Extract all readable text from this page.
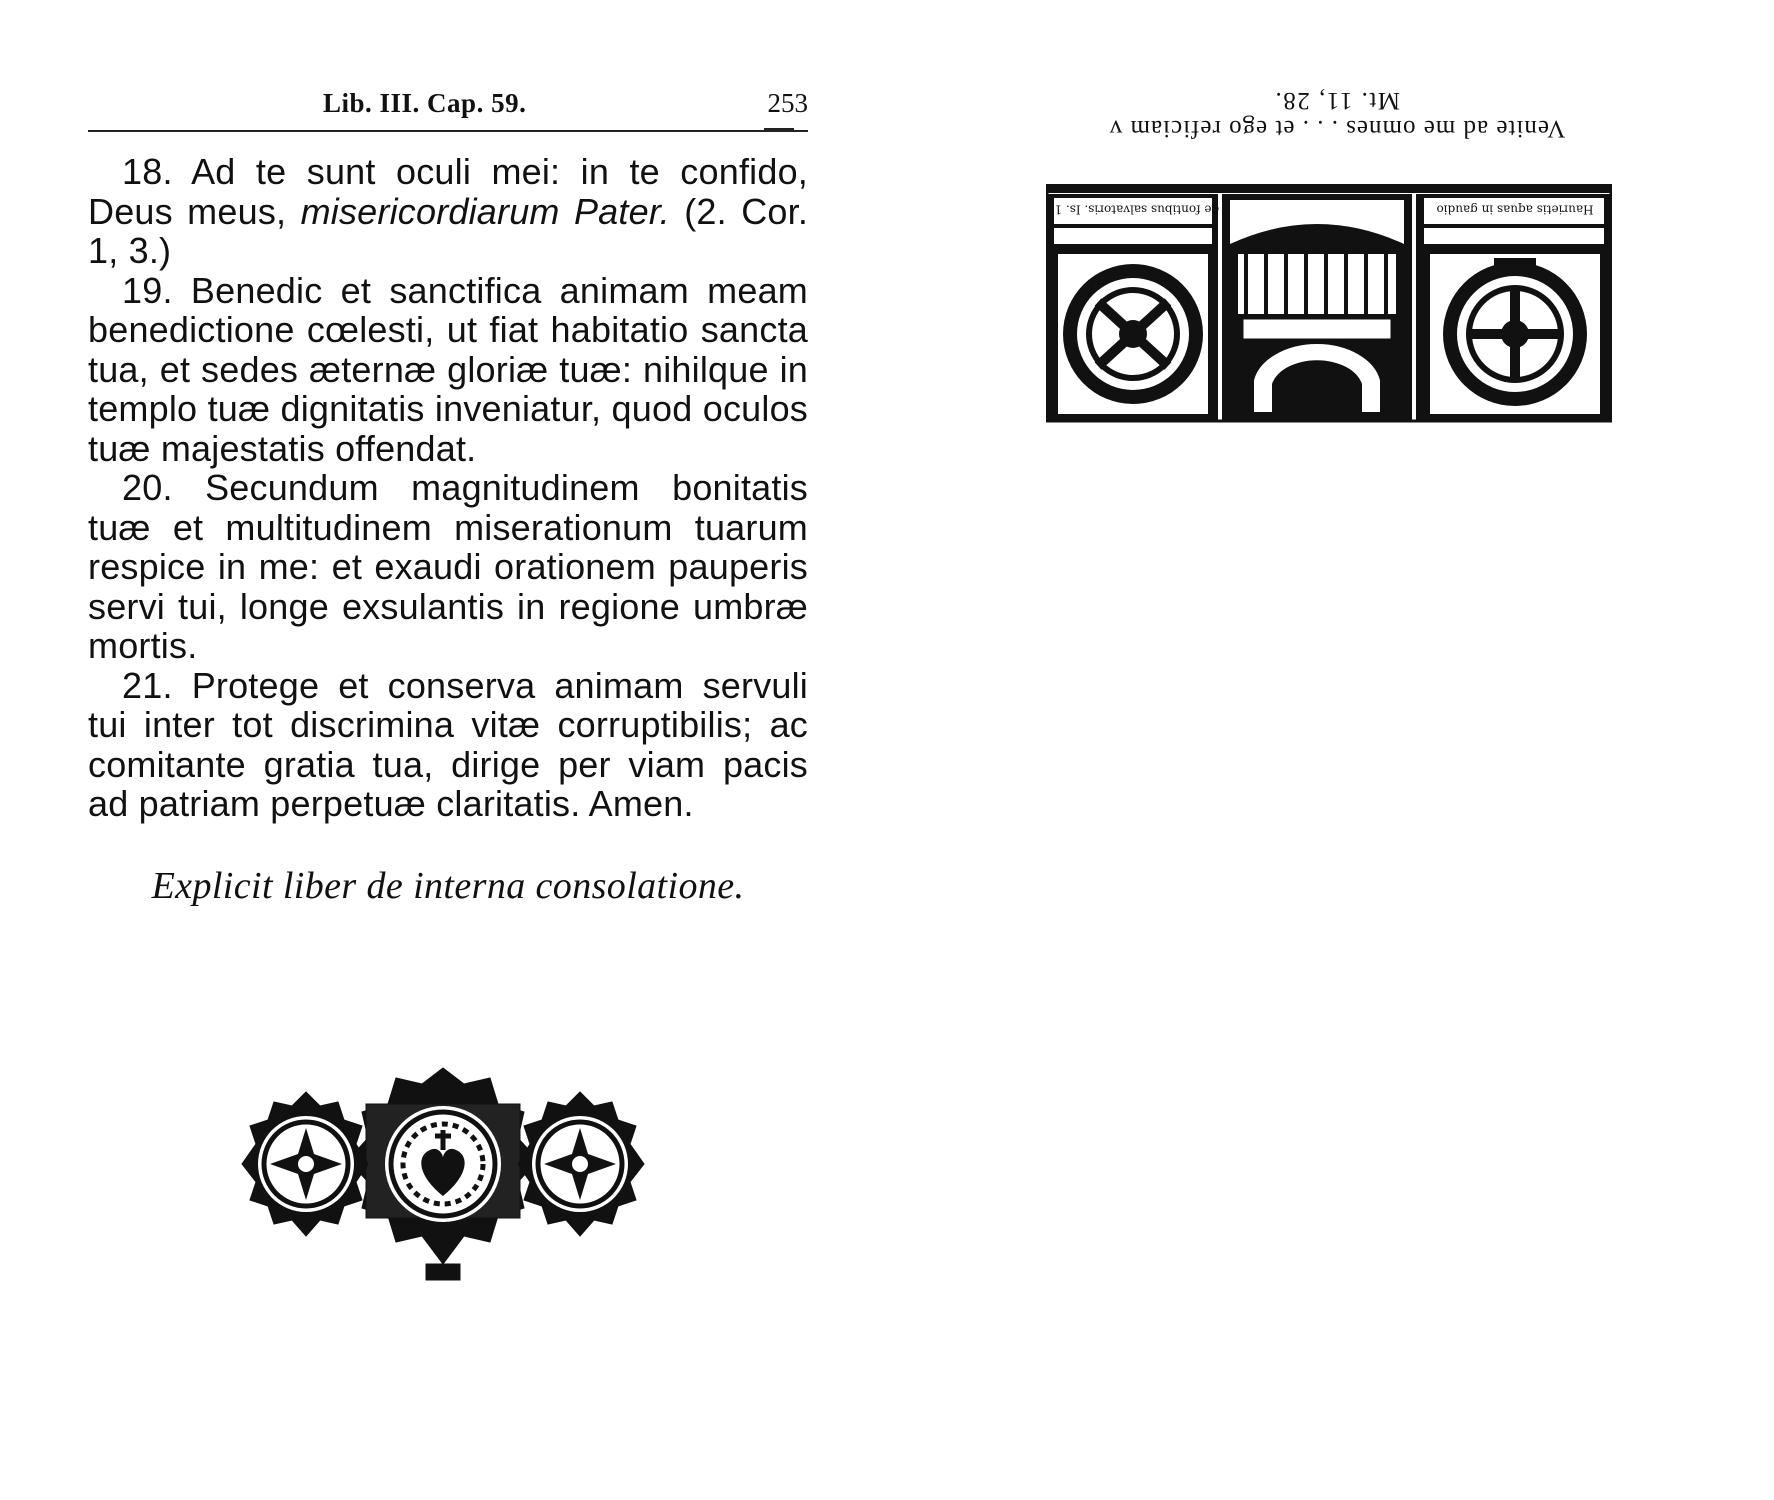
Lib. III. Cap. 59.	253

18. Ad te sunt oculi mei: in te confido, Deus meus, misericordiarum Pater. (2. Cor. 1, 3.)

19. Benedic et sanctifica animam meam benedictione cœlesti, ut fiat habitatio sancta tua, et sedes æternæ gloriæ tuæ: nihilque in templo tuæ dignitatis inveniatur, quod oculos tuæ majestatis offendat.

20. Secundum magnitudinem bonitatis tuæ et multitudinem miserationum tuarum respice in me: et exaudi orationem pauperis servi tui, longe exsulantis in regione umbræ mortis.

21. Protege et conserva animam servuli tui inter tot discrimina vitæ corruptibilis; ac comitante gratia tua, dirige per viam pacis ad patriam perpetuæ claritatis. Amen.

Explicit liber de interna consolatione.
Venite ad me omnes . . . et ego reficiam v
Mt. 11, 28.
de fontibus salvatoris. Is. 12	Haurietis aquas in gaudio
